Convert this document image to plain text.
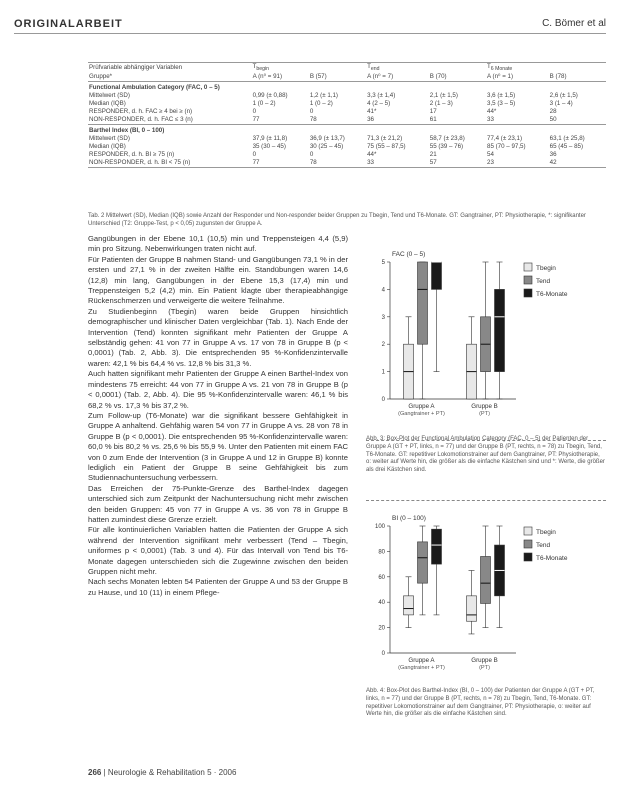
ORIGINALARBEIT	C. Bömer et al
Prüfvariable abhängiger Variablen	$T_{begin}$		$T_{end}$		$T_{6 Monate}$	
Gruppe*	A (n⁰ = 91)	B (57)	A (n⁰ = 7)	B (70)	A (n⁰ = 1)	B (78)
Functional Ambulation Category (FAC, 0 – 5)						
Mittelwert (SD)	0,99 (± 0,88)	1,2 (± 1,1)	3,3 (± 1,4)	2,1 (± 1,5)	3,6 (± 1,5)	2,6 (± 1,5)
Median (IQB)	1 (0 – 2)	1 (0 – 2)	4 (2 – 5)	2 (1 – 3)	3,5 (3 – 5)	3 (1 – 4)
RESPONDER, d. h. FAC ≥ 4 bei ≥ (n)	0	0	41*	17	44*	28
NON-RESPONDER, d. h. FAC ≤ 3 (n)	77	78	36	61	33	50
Barthel Index (BI, 0 – 100)						
Mittelwert (SD)	37,9 (± 11,8)	36,9 (± 13,7)	71,3 (± 21,2)	58,7 (± 23,8)	77,4 (± 23,1)	63,1 (± 25,8)
Median (IQB)	35 (30 – 45)	30 (25 – 45)	75 (55 – 87,5)	55 (39 – 76)	85 (70 – 97,5)	65 (45 – 85)
RESPONDER, d. h. BI ≥ 75 (n)	0	0	44*	21	54	36
NON-RESPONDER, d. h. BI < 75 (n)	77	78	33	57	23	42
Tab. 2 Mittelwert (SD), Median (IQB) sowie Anzahl der Responder und Non-responder beider Gruppen zu Tbegin, Tend und T6-Monate. GT: Gangtrainer, PT: Physiotherapie, *: signifikanter Unterschied (T2: Gruppe-Test, p < 0,05) zugunsten der Gruppe A.

Gangübungen in der Ebene 10,1 (10,5) min und Treppensteigen 4,4 (5,9) min pro Sitzung. Nebenwirkungen traten nicht auf.

Für Patienten der Gruppe B nahmen Stand- und Gangübungen 73,1 % in der ersten und 27,1 % in der zweiten Hälfte ein. Standübungen waren 14,6 (12,8) min lang, Gangübungen in der Ebene 15,3 (17,4) min und Treppensteigen 5,2 (4,2) min. Ein Patient klagte über therapieabhängige Rückenschmerzen und verweigerte die weitere Teilnahme.

Zu Studienbeginn (Tbegin) waren beide Gruppen hinsichtlich demographischer und klinischer Daten vergleichbar (Tab. 1). Nach Ende der Intervention (Tend) konnten signifikant mehr Patienten der Gruppe A selbständig gehen: 41 von 77 in Gruppe A vs. 17 von 78 in Gruppe B (p < 0,0001) (Tab. 2, Abb. 3). Die entsprechenden 95 %-Konfidenzintervalle waren: 42,1 % bis 64,4 % vs. 12,8 % bis 31,3 %.

Auch hatten signifikant mehr Patienten der Gruppe A einen Barthel-Index von mindestens 75 erreicht: 44 von 77 in Gruppe A vs. 21 von 78 in Gruppe B (p < 0,0001) (Tab. 2, Abb. 4). Die 95 %-Konfidenzintervalle waren: 46,1 % bis 68,2 % vs. 17,3 % bis 37,2 %.

Zum Follow-up (T6-Monate) war die signifikant bessere Gehfähigkeit in Gruppe A anhaltend. Gehfähig waren 54 von 77 in Gruppe A vs. 28 von 78 in Gruppe B (p < 0,0001). Die entsprechenden 95 %-Konfidenzintervalle waren: 60,0 % bis 80,2 % vs. 25,6 % bis 55,9 %. Unter den Patienten mit einem FAC von 0 zum Ende der Intervention (3 in Gruppe A und 12 in Gruppe B) konnte lediglich ein Patient der Gruppe B seine Gehfähigkeit bis zum Studiennachuntersuchung verbessern.

Das Erreichen der 75-Punkte-Grenze des Barthel-Index dagegen unterschied sich zum Zeitpunkt der Nachuntersuchung nicht mehr zwischen den beiden Gruppen: 45 von 77 in Gruppe A vs. 36 von 78 in Gruppe B hatten zumindest diese Grenze erzielt.

Für alle kontinuierlichen Variablen hatten die Patienten der Gruppe A sich während der Intervention signifikant mehr verbessert (Tend – Tbegin, uniformes p < 0,0001) (Tab. 3 und 4). Für das Intervall von Tend bis T6-Monate dagegen unterschieden sich die Zugewinne zwischen den beiden Gruppen nicht mehr.

Nach sechs Monaten lebten 54 Patienten der Gruppe A und 53 der Gruppe B zu Hause, und 10 (11) in einem Pflege-

FAC (0 – 5)
5
4
3
2
1
0
Gruppe A
(Gangtrainer + PT)
Gruppe B
(PT)
Tbegin
Tend
T6-Monate
Abb. 3: Box-Plot der Functional Ambulation Category (FAC, 0 – 5) der Patienten der Gruppe A (GT + PT, links, n = 77) und der Gruppe B (PT, rechts, n = 78) zu Tbegin, Tend, T6-Monate. GT: repetitiver Lokomotionstrainer auf dem Gangtrainer, PT: Physiotherapie, o: weiter auf Werte hin, die größer als die einfache Kästchen sind und *: Werte, die größer als drei Kästchen sind.
BI (0 – 100)
100
80
60
40
20
0
Gruppe A
(Gangtrainer + PT)
Gruppe B
(PT)
Tbegin
Tend
T6-Monate
Abb. 4: Box-Plot des Barthel-Index (BI, 0 – 100) der Patienten der Gruppe A (GT + PT, links, n = 77) und der Gruppe B (PT, rechts, n = 78) zu Tbegin, Tend, T6-Monate. GT: repetitiver Lokomotionstrainer auf dem Gangtrainer, PT: Physiotherapie, o: weiter auf Werte hin, die größer als die einfache Kästchen sind.
266 | Neurologie & Rehabilitation 5 · 2006
